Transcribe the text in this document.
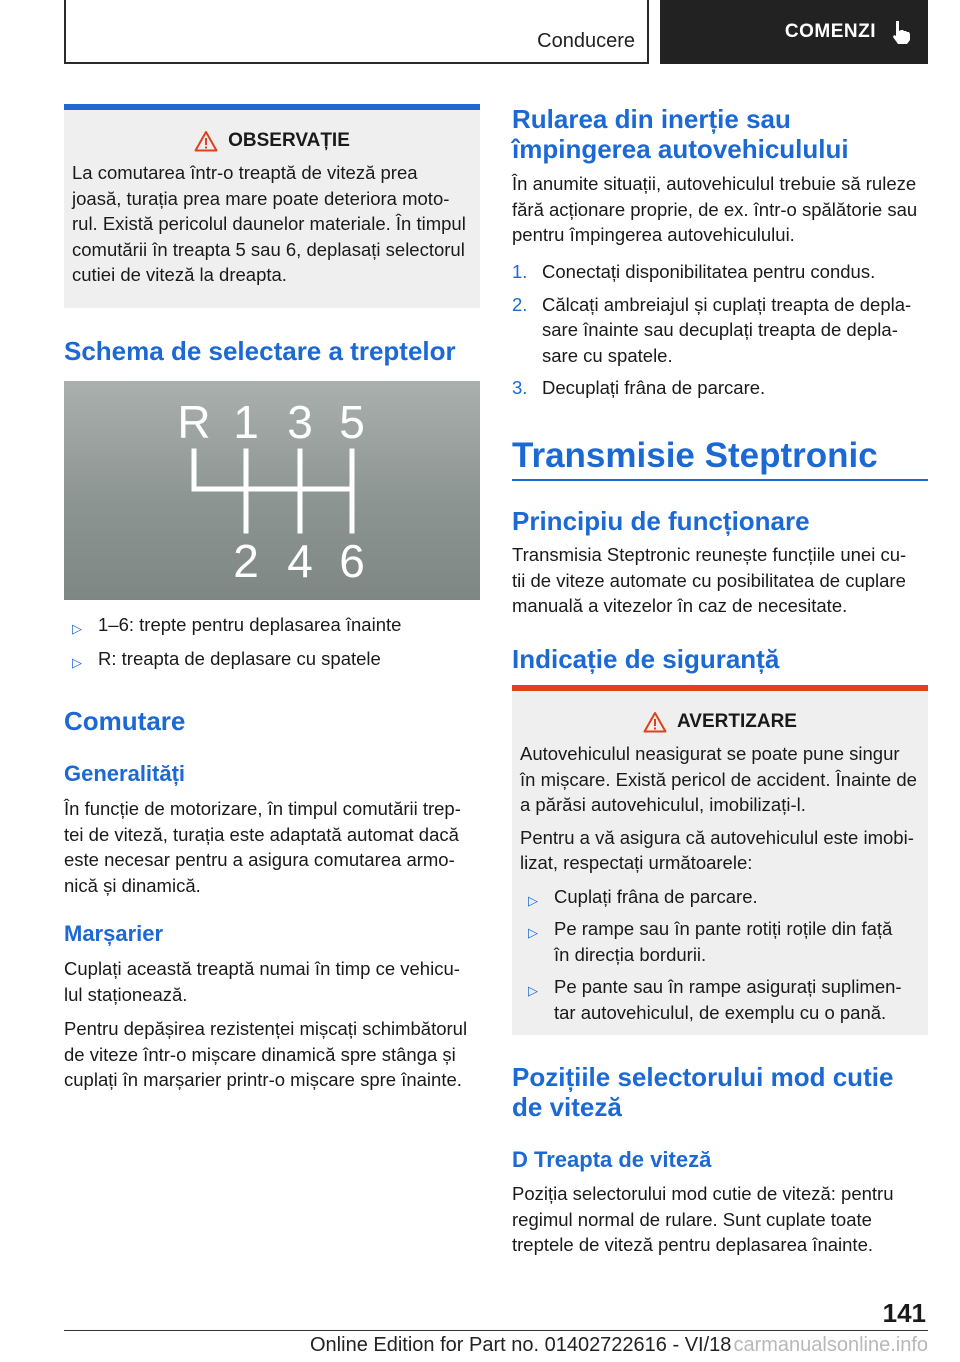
Conducere	COMENZI
OBSERVAȚIE

La comutarea într-o treaptă de viteză prea

joasă, turația prea mare poate deteriora moto-

rul. Există pericolul daunelor materiale. În timpul

comutării în treapta 5 sau 6, deplasați selectorul

cutiei de viteză la dreapta.

Schema de selectare a treptelor
R 1 3 5
2 4 6
▷ 1–6: trepte pentru deplasarea înainte
▷ R: treapta de deplasare cu spatele
Comutare
Generalități

În funcție de motorizare, în timpul comutării trep-

tei de viteză, turația este adaptată automat dacă

este necesar pentru a asigura comutarea armo-

nică și dinamică.

Marșarier

Cuplați această treaptă numai în timp ce vehicu-

lul staționează.

Pentru depășirea rezistenței mișcați schimbătorul

de viteze într-o mișcare dinamică spre stânga și

cuplați în marșarier printr-o mișcare spre înainte.

Rularea din inerție sau

împingerea autovehiculului

În anumite situații, autovehiculul trebuie să ruleze

fără acționare proprie, de ex. într-o spălătorie sau

pentru împingerea autovehiculului.

1. Conectați disponibilitatea pentru condus.
2. Călcați ambreiajul și cuplați treapta de depla-
sare înainte sau decuplați treapta de depla-
sare cu spatele.
3. Decuplați frâna de parcare.
Transmisie Steptronic
Principiu de funcționare

Transmisia Steptronic reunește funcțiile unei cu-

tii de viteze automate cu posibilitatea de cuplare

manuală a vitezelor în caz de necesitate.

Indicație de siguranță
AVERTIZARE

Autovehiculul neasigurat se poate pune singur

în mișcare. Există pericol de accident. Înainte de

a părăsi autovehiculul, imobilizați-l.

Pentru a vă asigura că autovehiculul este imobi-

lizat, respectați următoarele:

▷ Cuplați frâna de parcare.
▷ Pe rampe sau în pante rotiți roțile din față
în direcția bordurii.
▷ Pe pante sau în rampe asigurați suplimen-
tar autovehiculul, de exemplu cu o pană.

Pozițiile selectorului mod cutie

de viteză

D Treapta de viteză

Poziția selectorului mod cutie de viteză: pentru

regimul normal de rulare. Sunt cuplate toate

treptele de viteză pentru deplasarea înainte.

141
Online Edition for Part no. 01402722616 - VI/18 carmanualsonline.info
